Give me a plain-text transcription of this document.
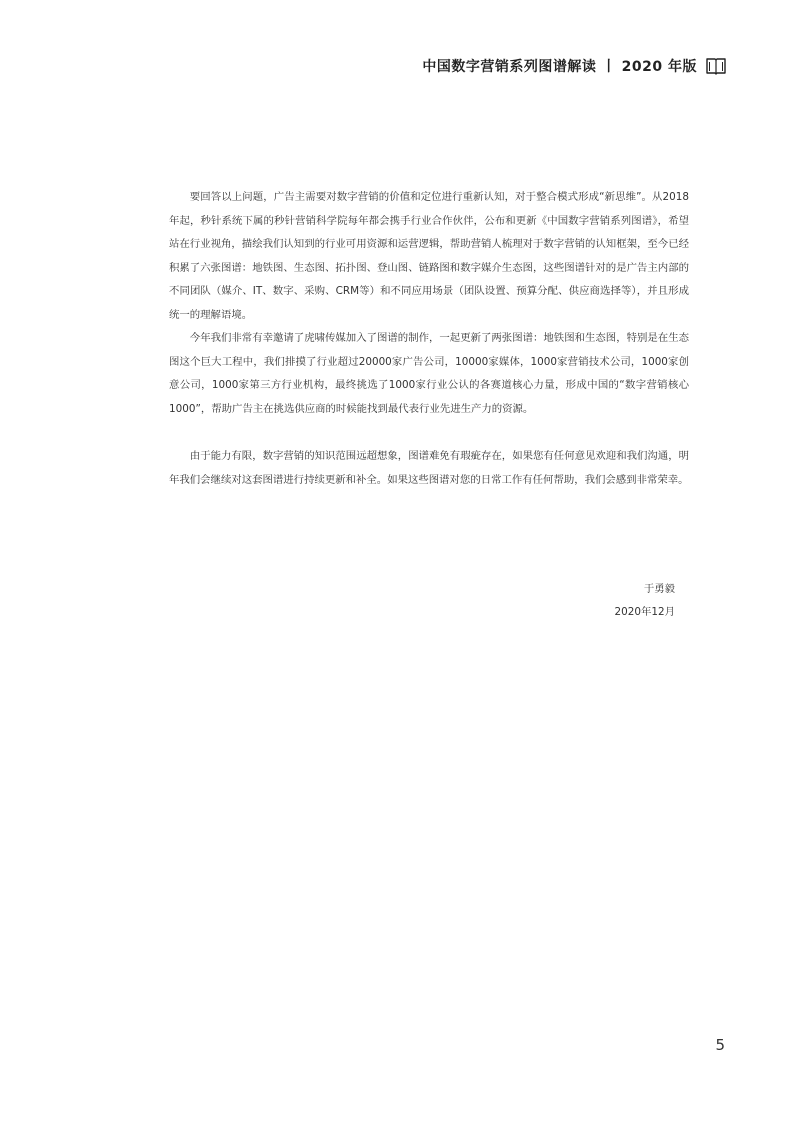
中国数字营销系列图谱解读 丨 2020 年版

要回答以上问题，广告主需要对数字营销的价值和定位进行重新认知，对于整合模式形成“新思维”。从2018年起，秒针系统下属的秒针营销科学院每年都会携手行业合作伙伴，公布和更新《中国数字营销系列图谱》，希望站在行业视角，描绘我们认知到的行业可用资源和运营逻辑，帮助营销人梳理对于数字营销的认知框架，至今已经积累了六张图谱：地铁图、生态图、拓扑图、登山图、链路图和数字媒介生态图，这些图谱针对的是广告主内部的不同团队（媒介、IT、数字、采购、CRM等）和不同应用场景（团队设置、预算分配、供应商选择等），并且形成统一的理解语境。

今年我们非常有幸邀请了虎啸传媒加入了图谱的制作，一起更新了两张图谱：地铁图和生态图，特别是在生态图这个巨大工程中，我们排摸了行业超过20000家广告公司，10000家媒体，1000家营销技术公司，1000家创意公司，1000家第三方行业机构，最终挑选了1000家行业公认的各赛道核心力量，形成中国的“数字营销核心1000”，帮助广告主在挑选供应商的时候能找到最代表行业先进生产力的资源。

由于能力有限，数字营销的知识范围远超想象，图谱难免有瑕疵存在，如果您有任何意见欢迎和我们沟通，明年我们会继续对这套图谱进行持续更新和补全。如果这些图谱对您的日常工作有任何帮助，我们会感到非常荣幸。

于勇毅
2020年12月
5
